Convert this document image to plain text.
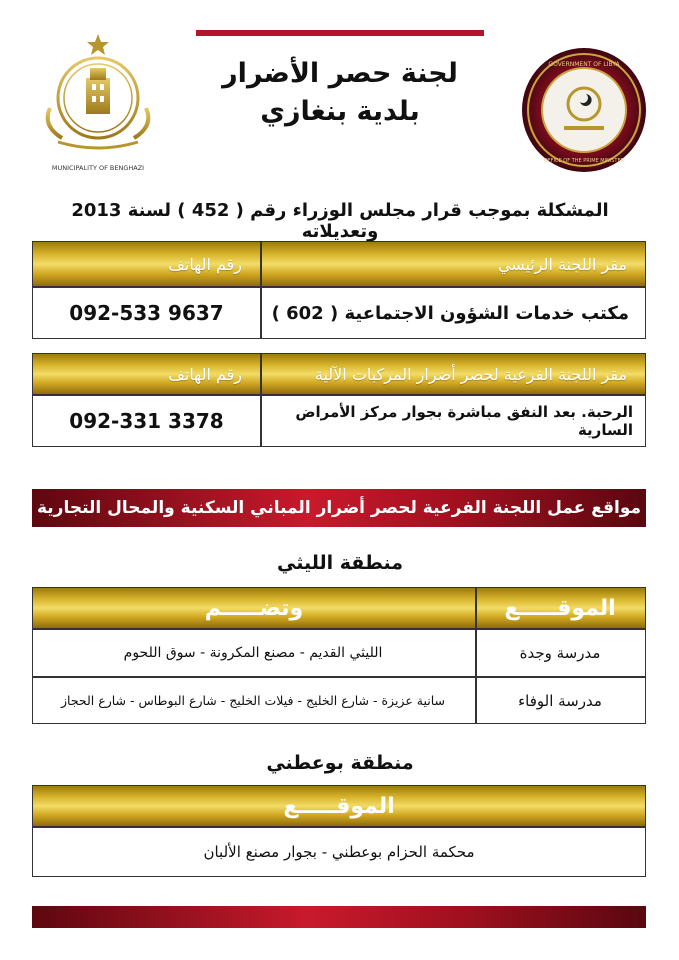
MUNICIPALITY OF BENGHAZI
GOVERNMENT OF LIBYA
OFFICE OF THE PRIME MINISTER
لجنة حصر الأضرار
بلدية بنغازي
المشكلة بموجب قرار مجلس الوزراء رقم ( 452 ) لسنة 2013 وتعديلاته
مقر اللجنة الرئيسي
رقم الهاتف
مكتب خدمات الشؤون الاجتماعية ( 602 )
092-533 9637
مقر اللجنة الفرعية لحصر أضرار المركبات الآلية
رقم الهاتف
الرحبة. بعد النفق مباشرة بجوار مركز الأمراض السارية
092-331 3378
مواقع عمل اللجنة الفرعية لحصر أضرار المباني السكنية والمحال التجارية
منطقة الليثي
الموقـــــع
وتضـــــم
مدرسة وجدة
الليثي القديم - مصنع المكرونة - سوق اللحوم
مدرسة الوفاء
سانية عزيزة - شارع الخليج - فيلات الخليج - شارع البوطاس - شارع الحجاز
منطقة بوعطني
الموقـــــع
محكمة الحزام بوعطني - بجوار مصنع الألبان
